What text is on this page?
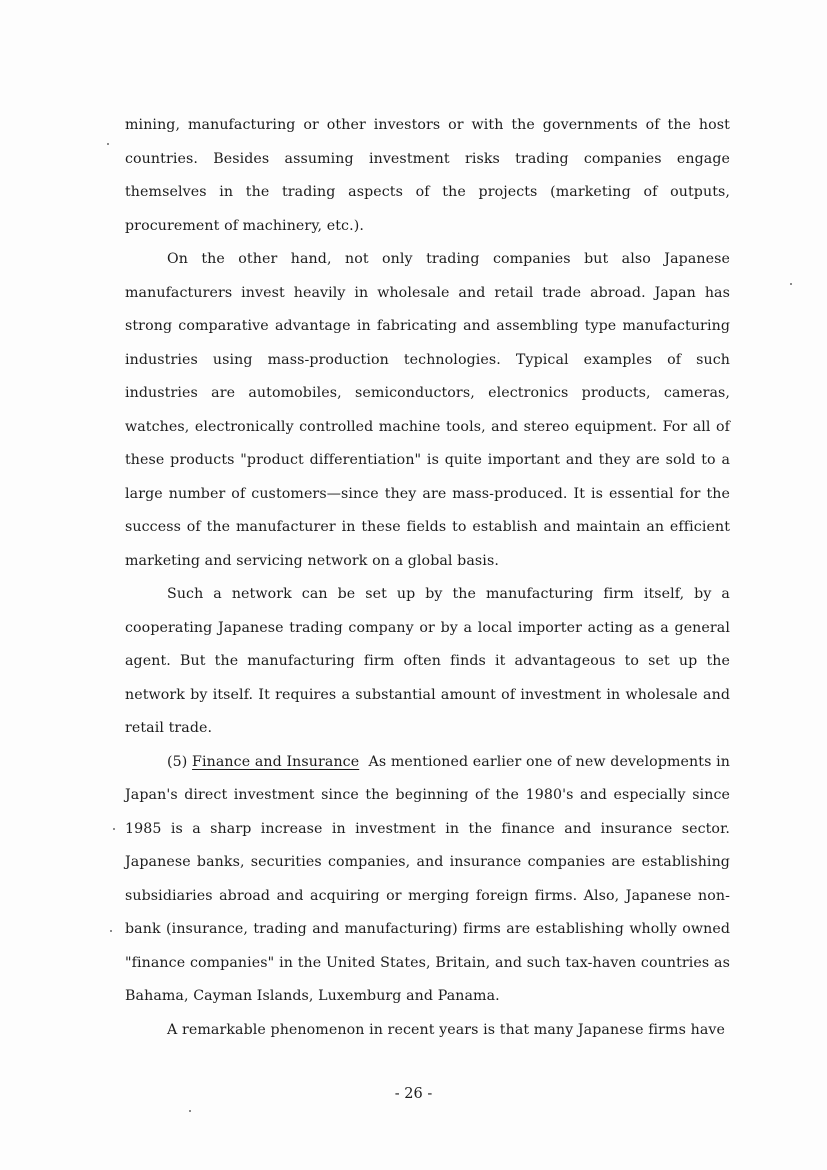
mining, manufacturing or other investors or with the governments of the host countries. Besides assuming investment risks trading companies engage themselves in the trading aspects of the projects (marketing of outputs, procurement of machinery, etc.).

On the other hand, not only trading companies but also Japanese manufacturers invest heavily in wholesale and retail trade abroad. Japan has strong comparative advantage in fabricating and assembling type manufacturing industries using mass-production technologies. Typical examples of such industries are automobiles, semiconductors, electronics products, cameras, watches, electronically controlled machine tools, and stereo equipment. For all of these products "product differentiation" is quite important and they are sold to a large number of customers—since they are mass-produced. It is essential for the success of the manufacturer in these fields to establish and maintain an efficient marketing and servicing network on a global basis.

Such a network can be set up by the manufacturing firm itself, by a cooperating Japanese trading company or by a local importer acting as a general agent. But the manufacturing firm often finds it advantageous to set up the network by itself. It requires a substantial amount of investment in wholesale and retail trade.

(5) Finance and Insurance As mentioned earlier one of new developments in Japan's direct investment since the beginning of the 1980's and especially since 1985 is a sharp increase in investment in the finance and insurance sector. Japanese banks, securities companies, and insurance companies are establishing subsidiaries abroad and acquiring or merging foreign firms. Also, Japanese non-bank (insurance, trading and manufacturing) firms are establishing wholly owned "finance companies" in the United States, Britain, and such tax-haven countries as Bahama, Cayman Islands, Luxemburg and Panama.

A remarkable phenomenon in recent years is that many Japanese firms have

- 26 -
